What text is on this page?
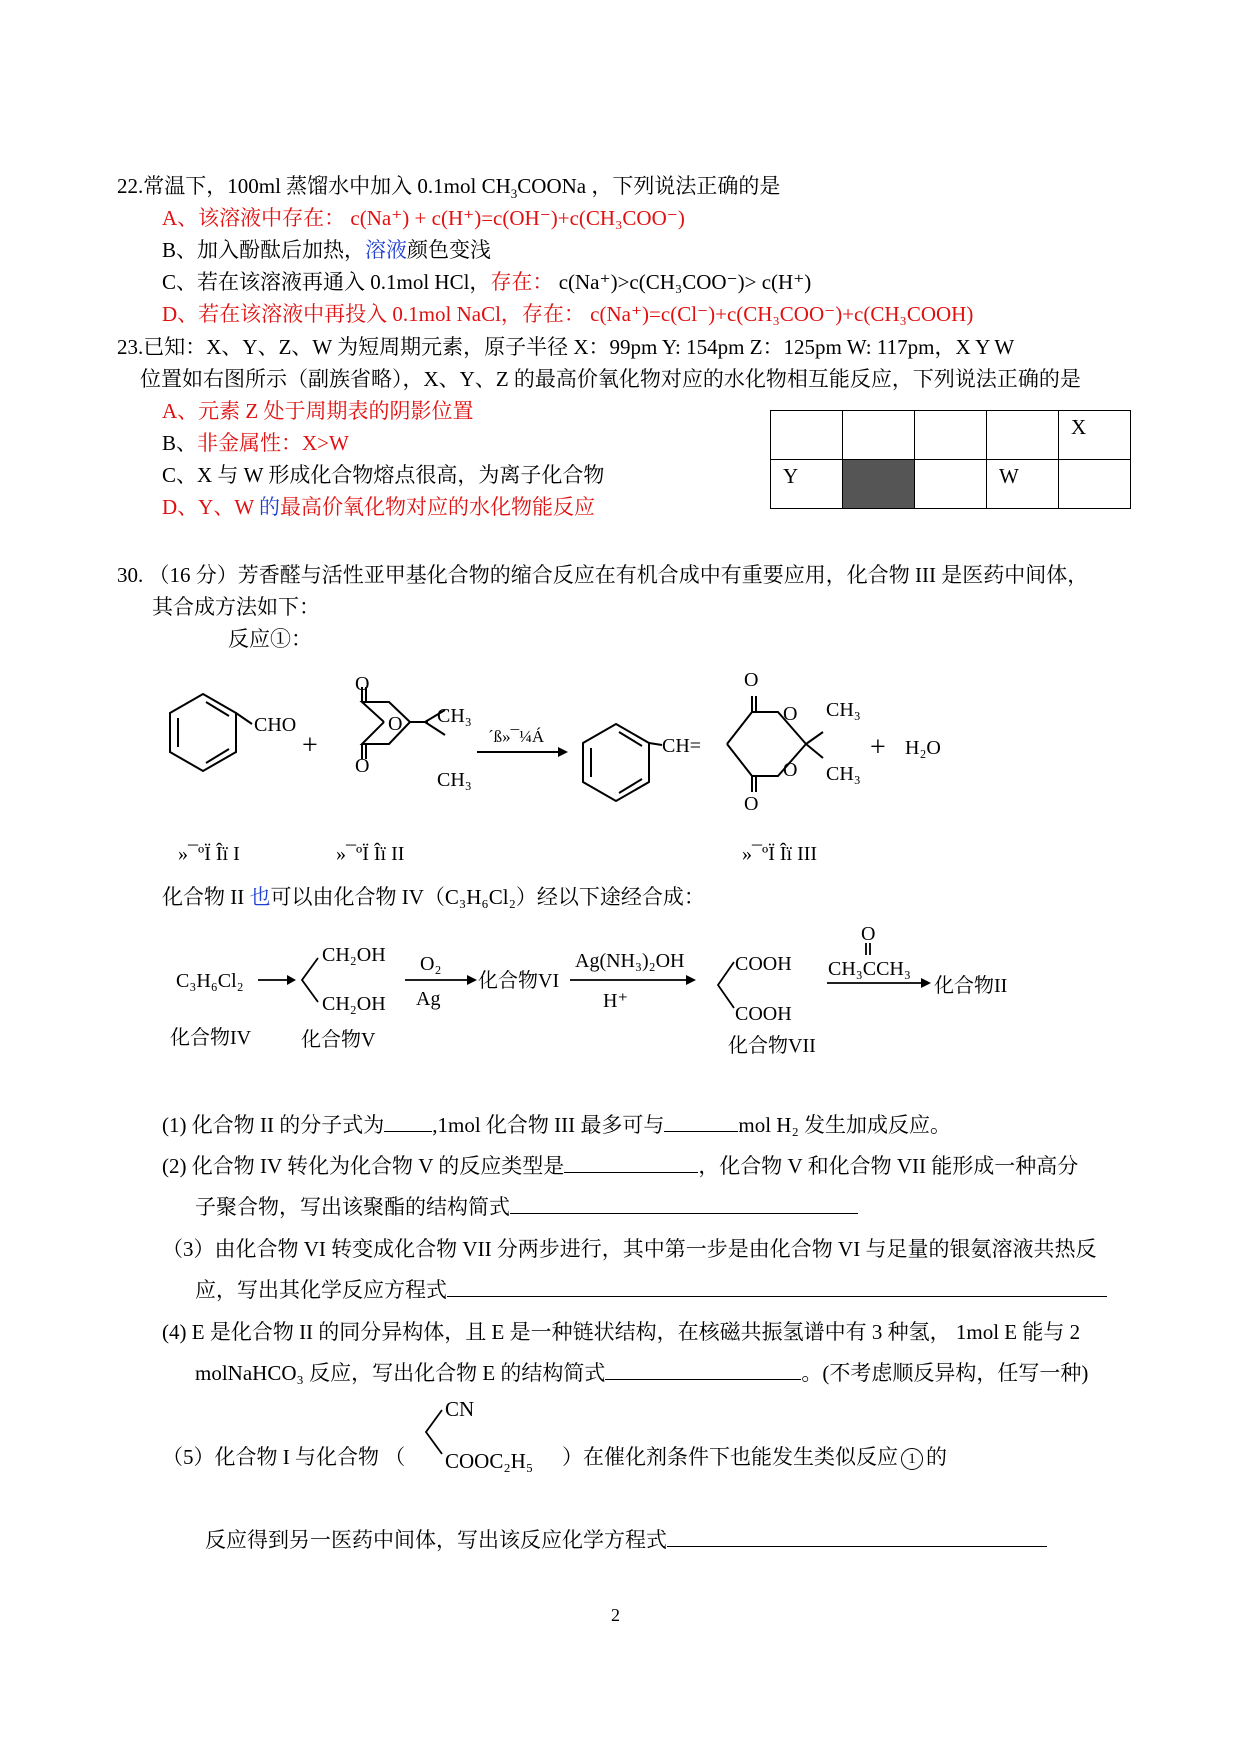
22.常温下，100ml 蒸馏水中加入 0.1mol $CH_3COONa$ ，下列说法正确的是
A、该溶液中存在： c(Na⁺) + c(H⁺)=c(OH⁻)+c(CH₃COO⁻)
B、加入酚酞后加热，溶液颜色变浅
C、若在该溶液再通入 0.1mol HCl，存在： c(Na⁺)>c(CH₃COO⁻)> c(H⁺)
D、若在该溶液中再投入 0.1mol NaCl，存在： c(Na⁺)=c(Cl⁻)+c(CH₃COO⁻)+c(CH₃COOH)
23.已知：X、Y、Z、W 为短周期元素，原子半径 X：99pm Y: 154pm Z：125pm W: 117pm，X Y W
位置如右图所示（副族省略），X、Y、Z 的最高价氧化物对应的水化物相互能反应，下列说法正确的是
A、元素 Z 处于周期表的阴影位置
B、非金属性：X>W
C、X 与 W 形成化合物熔点很高，为离子化合物
D、Y、W 的最高价氧化物对应的水化物能反应
				X
Y			W	
30. （16 分）芳香醛与活性亚甲基化合物的缩合反应在有机合成中有重要应用，化合物 III 是医药中间体，
其合成方法如下：
反应①：
CHO
+
O
O
O
CH₃
CH₃
´ß»¯¼Á	CH=
O
O
O
O
CH₃
CH₃
+ H₂O
»¯ºÏ Îï I	»¯ºÏ Îï II	»¯ºÏ Îï III
化合物 II 也可以由化合物 IV（C₃H₆Cl₂）经以下途经合成：
C₃H₆Cl₂
CH₂OH
CH₂OH
O₂
Ag
化合物VI
Ag(NH₃)₂OH
H⁺
COOH
COOH
O
CH₃CCH₃
化合物II
化合物IV 化合物V	化合物VII
(1) 化合物 II 的分子式为 ,1mol 化合物 III 最多可与	mol H₂ 发生加成反应。
(2) 化合物 IV 转化为化合物 V 的反应类型是	，化合物 V 和化合物 VII 能形成一种高分
子聚合物，写出该聚酯的结构简式
（3）由化合物 VI 转变成化合物 VII 分两步进行，其中第一步是由化合物 VI 与足量的银氨溶液共热反
应，写出其化学反应方程式
(4) E 是化合物 II 的同分异构体，且 E 是一种链状结构，在核磁共振氢谱中有 3 种氢， 1mol E 能与 2
molNaHCO₃ 反应，写出化合物 E 的结构简式	。(不考虑顺反异构，任写一种)
（5）化合物 I 与化合物 （
CN
COOC₂H₅ ）在催化剂条件下也能发生类似反应 1 的
反应得到另一医药中间体，写出该反应化学方程式
2
